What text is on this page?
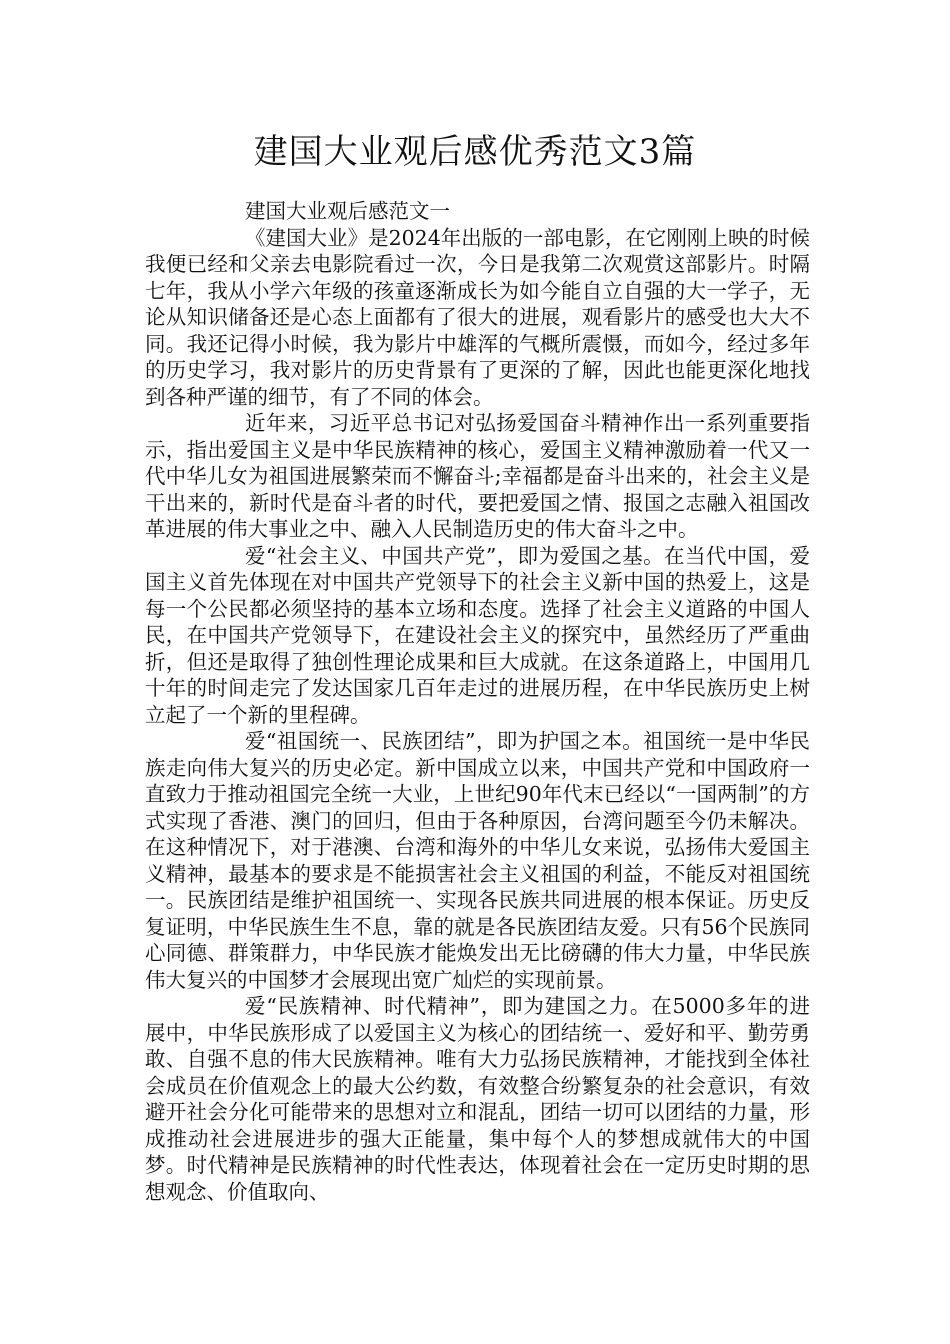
建国大业观后感优秀范文3篇
建国大业观后感范文一

《建国大业》是2024年出版的一部电影，在它刚刚上映的时候我便已经和父亲去电影院看过一次，今日是我第二次观赏这部影片。时隔七年，我从小学六年级的孩童逐渐成长为如今能自立自强的大一学子，无论从知识储备还是心态上面都有了很大的进展，观看影片的感受也大大不同。我还记得小时候，我为影片中雄浑的气概所震慑，而如今，经过多年的历史学习，我对影片的历史背景有了更深的了解，因此也能更深化地找到各种严谨的细节，有了不同的体会。

近年来，习近平总书记对弘扬爱国奋斗精神作出一系列重要指示，指出爱国主义是中华民族精神的核心，爱国主义精神激励着一代又一代中华儿女为祖国进展繁荣而不懈奋斗;幸福都是奋斗出来的，社会主义是干出来的，新时代是奋斗者的时代，要把爱国之情、报国之志融入祖国改革进展的伟大事业之中、融入人民制造历史的伟大奋斗之中。

爱“社会主义、中国共产党”，即为爱国之基。在当代中国，爱国主义首先体现在对中国共产党领导下的社会主义新中国的热爱上，这是每一个公民都必须坚持的基本立场和态度。选择了社会主义道路的中国人民，在中国共产党领导下，在建设社会主义的探究中，虽然经历了严重曲折，但还是取得了独创性理论成果和巨大成就。在这条道路上，中国用几十年的时间走完了发达国家几百年走过的进展历程，在中华民族历史上树立起了一个新的里程碑。

爱“祖国统一、民族团结”，即为护国之本。祖国统一是中华民族走向伟大复兴的历史必定。新中国成立以来，中国共产党和中国政府一直致力于推动祖国完全统一大业，上世纪90年代末已经以“一国两制”的方式实现了香港、澳门的回归，但由于各种原因，台湾问题至今仍未解决。在这种情况下，对于港澳、台湾和海外的中华儿女来说，弘扬伟大爱国主义精神，最基本的要求是不能损害社会主义祖国的利益，不能反对祖国统一。民族团结是维护祖国统一、实现各民族共同进展的根本保证。历史反复证明，中华民族生生不息，靠的就是各民族团结友爱。只有56个民族同心同德、群策群力，中华民族才能焕发出无比磅礴的伟大力量，中华民族伟大复兴的中国梦才会展现出宽广灿烂的实现前景。

爱“民族精神、时代精神”，即为建国之力。在5000多年的进展中，中华民族形成了以爱国主义为核心的团结统一、爱好和平、勤劳勇敢、自强不息的伟大民族精神。唯有大力弘扬民族精神，才能找到全体社会成员在价值观念上的最大公约数，有效整合纷繁复杂的社会意识，有效避开社会分化可能带来的思想对立和混乱，团结一切可以团结的力量，形成推动社会进展进步的强大正能量，集中每个人的梦想成就伟大的中国梦。时代精神是民族精神的时代性表达，体现着社会在一定历史时期的思想观念、价值取向、
